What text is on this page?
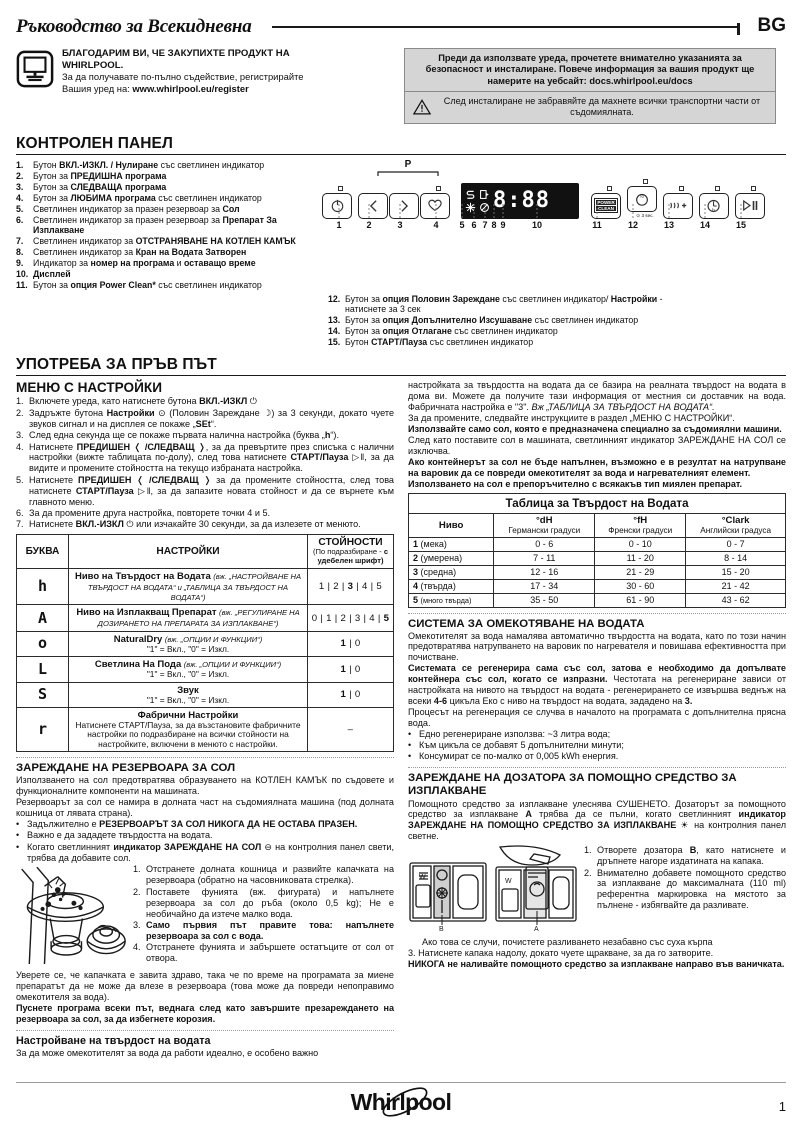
Ръководство за Всекидневна	BG
БЛАГОДАРИМ ВИ, ЧЕ ЗАКУПИХТЕ ПРОДУКТ НА
WHIRLPOOL.
За да получавате по-пълно съдействие, регистрирайте
Вашия уред на: www.whirlpool.eu/register
Преди да използвате уреда, прочетете внимателно указанията за безопасност и инсталиране. Повече информация за вашия продукт ще намерите на уебсайт: docs.whirlpool.eu/docs
След инсталиране не забравяйте да махнете всички транспортни части от съдомиялната.
КОНТРОЛЕН ПАНЕЛ
1.	Бутон ВКЛ.-ИЗКЛ. / Нулиране със светлинен индикатор
2.	Бутон за ПРЕДИШНА програма
3.	Бутон за СЛЕДВАЩА програма
4.	Бутон за ЛЮБИМА програма със светлинен индикатор
5.	Светлинен индикатор за празен резервоар за Сол
6.	Светлинен индикатор за празен резервоар за Препарат За Изплакване
7.	Светлинен индикатор за ОТСТРАНЯВАНЕ НА КОТЛЕН КАМЪК
8.	Светлинен индикатор за Кран на Водата Затворен
9.	Индикатор за номер на програма и оставащо време
10. Дисплей
11. Бутон за опция Power Clean* със светлинен индикатор
P
8:88	POWER
CLEAN
½
⊙ 3 sec.
h
1	2	3	4	5 6 7 8 9	10	11	12	13	14	15
12. Бутон за опция Половин Зареждане със светлинен индикатор/ Настройки - натиснете за 3 сек
13. Бутон за опция Допълнително Изсушаване със светлинен индикатор
14. Бутон за опция Отлагане със светлинен индикатор
15. Бутон СТАРТ/Пауза със светлинен индикатор
УПОТРЕБА ЗА ПРЪВ ПЪТ
МЕНЮ С НАСТРОЙКИ
1. Включете уреда, като натиснете бутона ВКЛ.-ИЗКЛ ⏻
2. Задръжте бутона Настройки ⊙ (Половин Зареждане ☽) за 3 секунди, докато чуете звуков сигнал и на дисплея се покаже „SEt“.
3. След една секунда ще се покаже първата налична настройка (буква „h“).
4. Натиснете ПРЕДИШЕН ❬ /СЛЕДВАЩ ❭, за да превъртите през списъка с налични настройки (вижте таблицата по-долу), след това натиснете СТАРТ/Пауза ▷‖, за да видите и промените стойността на текущо избраната настройка.
5. Натиснете ПРЕДИШЕН ❬ /СЛЕДВАЩ ❭ за да промените стойността, след това натиснете СТАРТ/Пауза ▷‖, за да запазите новата стойност и да се върнете към главното меню.
6. За да промените друга настройка, повторете точки 4 и 5.
7. Натиснете ВКЛ.-ИЗКЛ ⏻ или изчакайте 30 секунди, за да излезете от менюто.
БУКВА	НАСТРОЙКИ	СТОЙНОСТИ
(По подразбиране - с удебелен шрифт)

h	Ниво на Твърдост на Водата (вж. „НАСТРОЙВАНЕ НА ТВЪРДОСТ НА ВОДАТА“ и „ТАБЛИЦА ЗА ТВЪРДОСТ НА ВОДАТА“)	1 | 2 | 3 | 4 | 5
A	Ниво на Изплакващ Препарат (вж. „РЕГУЛИРАНЕ НА ДОЗИРАНЕТО НА ПРЕПАРАТА ЗА ИЗПЛАКВАНЕ“)	0 | 1 | 2 | 3 | 4 | 5
o	NaturalDry (вж. „ОПЦИИ И ФУНКЦИИ“)
"1" = Вкл., "0" = Изкл.	1 | 0
L	Светлина На Пода (вж. „ОПЦИИ И ФУНКЦИИ“)
"1" = Вкл., "0" = Изкл.	1 | 0
S	Звук
"1" = Вкл., "0" = Изкл.	1 | 0
r	Фабрични Настройки
Натиснете СТАРТ/Пауза, за да възстановите фабричните настройки по подразбиране на всички стойности на настройките, включени в менюто с настройки.	–
ЗАРЕЖДАНЕ НА РЕЗЕРВОАРА ЗА СОЛ

Използването на сол предотвратява образуването на КОТЛЕН КАМЪК по съдовете и функционалните компоненти на машината.

Резервоарът за сол се намира в долната част на съдомиялната машина (под долната кошница от лявата страна).

• Задължително е РЕЗЕРВОАРЪТ ЗА СОЛ НИКОГА ДА НЕ ОСТАВА ПРАЗЕН.
• Важно е да зададете твърдостта на водата.
• Когато светлинният индикатор ЗАРЕЖДАНЕ НА СОЛ ⊖ на контролния панел свети, трябва да добавите сол.
1. Отстранете долната кошница и развийте капачката на резервоара (обратно на часовниковата стрелка).
2. Поставете фунията (вж. фигурата) и напълнете резервоара за сол до ръба (около 0,5 kg); Не е необичайно да изтече малко вода.
3. Само първия път правите това: напълнете резервоара за сол с вода.
4. Отстранете фунията и забършете остатъците от сол от отвора.

Уверете се, че капачката е завита здраво, така че по време на програмата за миене препаратът да не може да влезе в резервоара (това може да повреди непоправимо омекотителя за вода).

Пуснете програма всеки път, веднага след като завършите презареждането на резервоара за сол, за да избегнете корозия.

Настройване на твърдост на водата

За да може омекотителят за вода да работи идеално, е особено важно

настройката за твърдостта на водата да се базира на реалната твърдост на водата в дома ви. Можете да получите тази информация от местния си доставчик на вода. Фабричната настройка е "3". Вж „ТАБЛИЦА ЗА ТВЪРДОСТ НА ВОДАТА“.

За да промените, следвайте инструкциите в раздел „МЕНЮ С НАСТРОЙКИ“.

Използвайте само сол, която е предназначена специално за съдомиялни машини.

След като поставите сол в машината, светлинният индикатор ЗАРЕЖДАНЕ НА СОЛ се изключва.

Ако контейнерът за сол не бъде напълнен, възможно е в резултат на натрупване на варовик да се повреди омекотителят за вода и нагревателният елемент.

Използването на сол е препоръчително с всякакъв тип миялен препарат.

Таблица за Твърдост на Водата			

Ниво	°dH
Германски градуси

°fH
Френски градуси

°Clark
Английски градуса

1 (мека)	0 - 6	0 - 10	0 - 7
2 (умерена)	7 - 11	11 - 20	8 - 14
3 (средна)	12 - 16	21 - 29	15 - 20
4 (твърда)	17 - 34	30 - 60	21 - 42
5 (много твърда)	35 - 50	61 - 90	43 - 62
СИСТЕМА ЗА ОМЕКОТЯВАНЕ НА ВОДАТА

Омекотителят за вода намалява автоматично твърдостта на водата, като по този начин предотвратява натрупването на варовик по нагревателя и повишава ефективността при почистване.

Системата се регенерира сама със сол, затова е необходимо да допълвате контейнера със сол, когато се изпразни. Честотата на регенериране зависи от настройката на нивото на твърдост на водата - регенерирането се извършва веднъж на всеки 4-6 цикъла Еко с ниво на твърдост на водата, зададено на 3.

Процесът на регенерация се случва в началото на програмата с допълнителна прясна вода.

• Едно регенериране използва: ~3 литра вода;
• Към цикъла се добавят 5 допълнителни минути;
• Консумират се по-малко от 0,005 kWh енергия.
ЗАРЕЖДАНЕ НА ДОЗАТОРА ЗА ПОМОЩНО СРЕДСТВО ЗА ИЗПЛАКВАНЕ

Помощното средство за изплакване улеснява СУШЕНЕТО. Дозаторът за помощното средство за изплакване A трябва да се пълни, когато светлинният индикатор ЗАРЕЖДАНЕ НА ПОМОЩНО СРЕДСТВО ЗА ИЗПЛАКВАНЕ ☀ на контролния панел светне.

W
B
W
A
1. Отворете дозатора B, като натиснете и дръпнете нагоре издатината на капака.
2. Внимателно добавете помощното средство за изплакване до максималната (110 ml) референтна маркировка на мястото за пълнене - избягвайте да разливате.

Ако това се случи, почистете разливането незабавно със суха кърпа

3. Натиснете капака надолу, докато чуете щракване, за да го затворите.

НИКОГА не наливайте помощното средство за изплакване направо във ваничката.

Whirlpool	1
